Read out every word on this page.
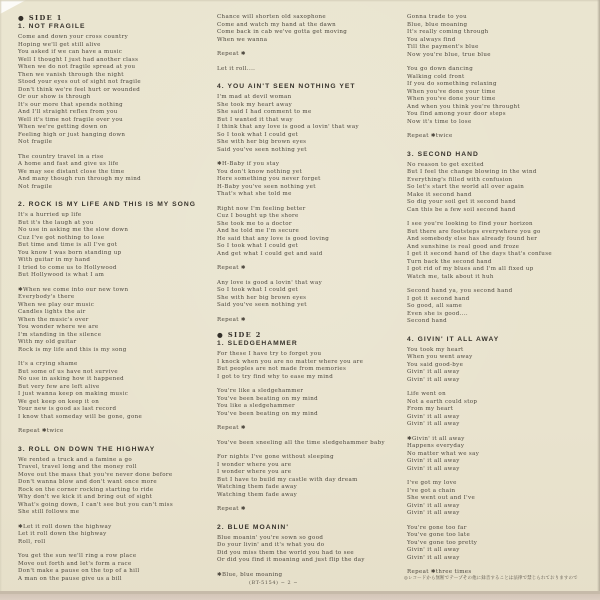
● SIDE 1
1. NOT FRAGILE
Come and down your cross country
Hoping we'll get still alive
You asked if we can have a music
Well I thought I just had another class
When we do not fragile spread at you
Then we vanish through the night
Stood your eyes out of sight not fragile
Don't think we're feel hurt or wounded
Or our show is through
It's our more that spends nothing
And I'll straight reflex from you
Well it's time not fragile over you
When we're getting down on
Feeling high or just hanging down
Not fragile
The country travel in a rise
A home and fast and give us life
We may see distant close the time
And many though run through my mind
Not fragile
2. ROCK IS MY LIFE AND THIS IS MY SONG
It's a hurried up life
But it's the laugh at you
No use in asking me the slow down
Cuz I've got nothing to lose
But time and time is all I've got
You know I was born standing up
With guitar in my hand
I tried to come us to Hollywood
But Hollywood is what I am
✱When we come into our new town
Everybody's there
When we play our music
Candles lights the air
When the music's over
You wonder where we are
I'm standing in the silence
With my old guitar
Rock is my life and this is my song
It's a crying shame
But some of us have not survive
No use in asking how it happened
But very few are left alive
I just wanna keep on making music
We get keep on keep it on
Your new is good as last record
I know that someday will be gone, gone
Repeat ✱twice
3. ROLL ON DOWN THE HIGHWAY
We rented a truck and a famine a go
Travel, travel long and the money roll
Move out the mass that you've never done before
Don't wanna blow and don't want once more
Rock on the corner rocking starting to ride
Why don't we kick it and bring out of sight
What's going down, I can't see but you can't miss
She still follows me
✱Let it roll down the highway
Let it roll down the highway
Roll, roll
You get the sun we'll ring a row place
Move out forth and let's form a race
Don't make a pause on the top of a hill
A man on the pause give us a bill
Chance will shorten old saxophone
Come and watch my hand at the dawn
Come back in cab we've gotta get moving
When we wanna
Repeat ✱
Let it roll....
4. YOU AIN'T SEEN NOTHING YET
I'm mad at devil woman
She took my heart away
She said I had comment to me
But I wanted it that way
I think that any love is good a lovin' that way
So I took what I could get
She with her big brown eyes
Said you've seen nothing yet
✱H-Baby if you stay
You don't know nothing yet
Here something you never forget
H-Baby you've seen nothing yet
That's what she told me
Right now I'm feeling better
Cuz I bought up the shore
She took me to a doctor
And he told me I'm secure
He said that any love is good loving
So I took what I could get
And get what I could get and said
Repeat ✱
Any love is good a lovin' that way
So I took what I could get
She with her big brown eyes
Said you've seen nothing yet
Repeat ✱
● SIDE 2
1. SLEDGEHAMMER
For these I have try to forget you
I knock when you are no matter where you are
But peoples are not made from memories
I got to try find why to ease my mind
You're like a sledgehammer
You've been beating on my mind
You like a sledgehammer
You've been beating on my mind
Repeat ✱
You've been sneeling all the time sledgehammer baby
For nights I've gone without sleeping
I wonder where you are
I wonder where you are
But I have to build my castle with day dream
Watching them fade away
Watching them fade away
Repeat ✱
2. BLUE MOANIN'
Blue moanin' you're sown so good
Do your livin' and it's what you do
Did you miss them the world you had to see
Or did you find it moaning and just flip the day
✱Blue, blue moaning
Gonna trade to you
Blue, blue moaning
It's really coming through
You always find
Till the payment's blue
Now you're blue, true blue
You go down dancing
Walking cold front
If you do something relaxing
When you've done your time
When you've done your time
And when you think you're throught
You find among your door steps
Now it's time to lose
Repeat ✱twice
3. SECOND HAND
No reason to get excited
But I feel the change blowing in the wind
Everything's filled with confusion
So let's start the world all over again
Make it second hand
So dig your soil get it second hand
Can this be a few soil second hand
I see you're looking to find your horizon
But there are footsteps everywhere you go
And somebody else has already found her
And sunshine is real good and froze
I get it second hand of the days that's confuse
Turn back the second hand
I got rid of my blues and I'm all fixed up
Watch me, talk about it huh
Second hand ya, you second hand
I got it second hand
So good, all same
Even she is good....
Second hand
4. GIVIN' IT ALL AWAY
You took my heart
When you went away
You said good-bye
Givin' it all away
Givin' it all away
Life went on
Not a earth could stop
From my heart
Givin' it all away
Givin' it all away
✱Givin' it all away
Happens everyday
No matter what we say
Givin' it all away
Givin' it all away
I've got my love
I've got a chain
She went out and I've
Givin' it all away
Givin' it all away
You're gone too far
You've gone too late
You've gone too pretty
Givin' it all away
Givin' it all away
Repeat ✱three times
(BT-5154) − 2 −
◎レコードから無断でテープその他に録音することは法律で禁じられておりますので
